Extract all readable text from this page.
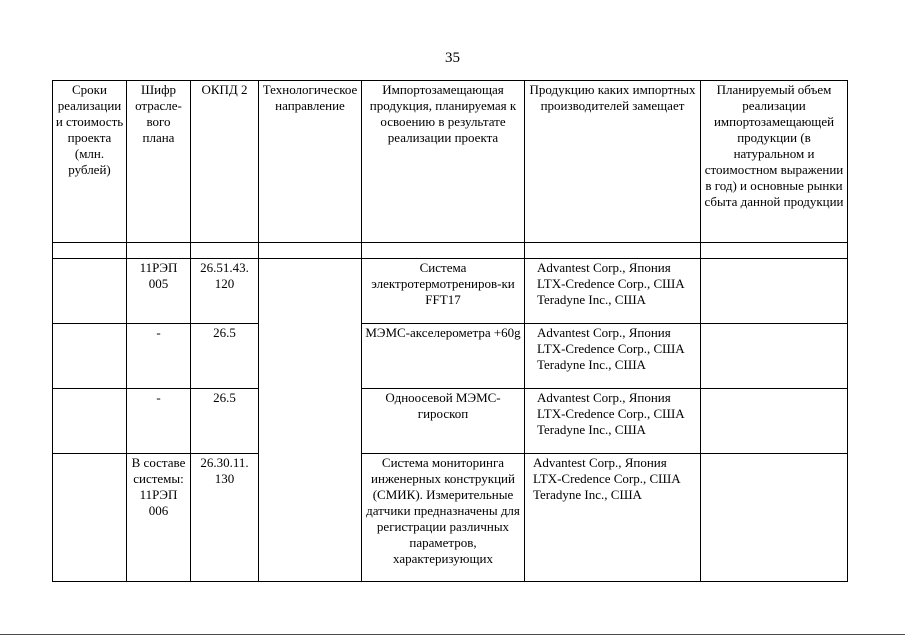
35
Сроки реализации и стоимость проекта (млн. рублей)	Шифр отрасле-вого плана	ОКПД 2	Технологическое направление	Импортозамещающая продукция, планируемая к освоению в результате реализации проекта	Продукцию каких импортных производителей замещает	Планируемый объем реализации импортозамещающей продукции (в натуральном и стоимостном выражении в год) и основные рынки сбыта данной продукции

	11РЭП 005	26.51.43. 120		Система электротермотрениров-ки FFT17	Advantest Corp., Япония
LTX-Credence Corp., США
Teradyne Inc., США	

	-	26.5		МЭМС-акселерометра +60g	Advantest Corp., Япония
LTX-Credence Corp., США
Teradyne Inc., США	

	-	26.5		Одноосевой МЭМС-гироскоп	Advantest Corp., Япония
LTX-Credence Corp., США
Teradyne Inc., США	

	В составе системы: 11РЭП 006	26.30.11. 130		Система мониторинга инженерных конструкций (СМИК). Измерительные датчики предназначены для регистрации различных параметров, характеризующих	Advantest Corp., Япония
LTX-Credence Corp., США
Teradyne Inc., США	
